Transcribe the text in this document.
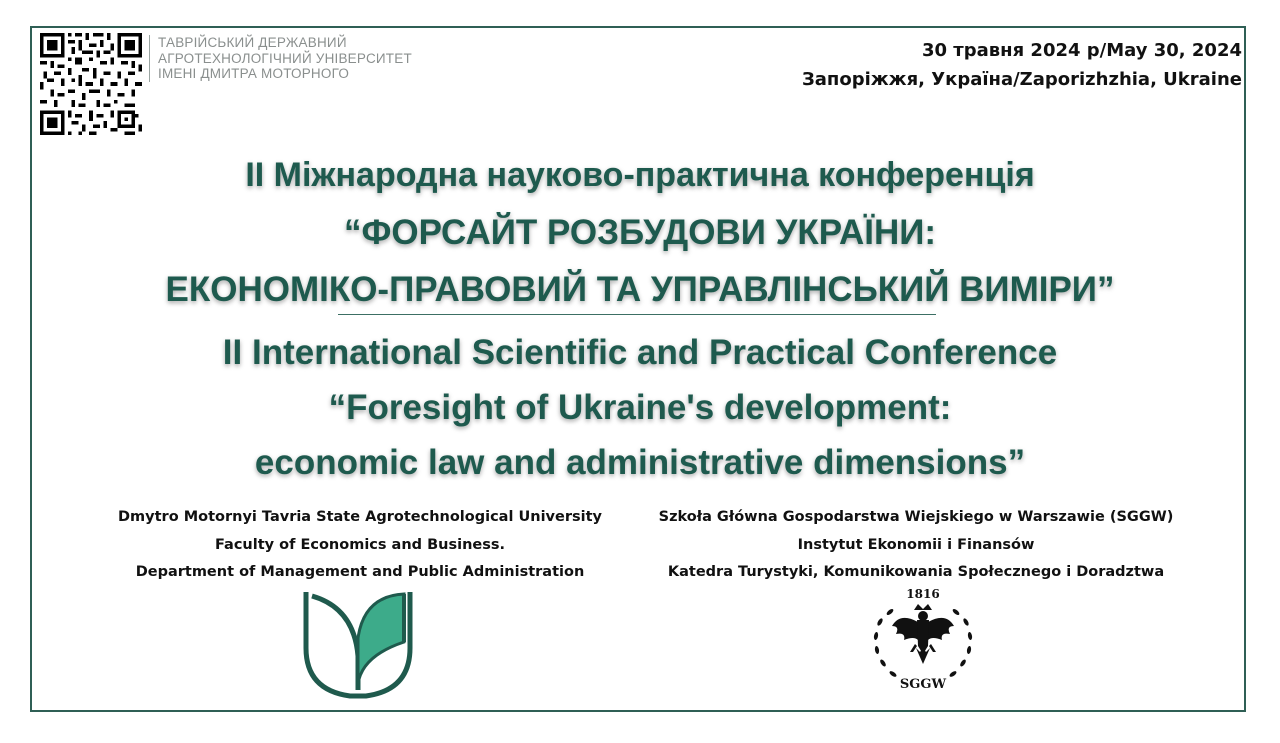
ТАВРІЙСЬКИЙ ДЕРЖАВНИЙ
АГРОТЕХНОЛОГІЧНИЙ УНІВЕРСИТЕТ
ІМЕНІ ДМИТРА МОТОРНОГО
30 травня 2024 р/May 30, 2024
Запоріжжя, Україна/Zaporizhzhia, Ukraine
ІІ Міжнародна науково-практична конференція
“ФОРСАЙТ РОЗБУДОВИ УКРАЇНИ:
ЕКОНОМІКО-ПРАВОВИЙ ТА УПРАВЛІНСЬКИЙ ВИМІРИ”
II International Scientific and Practical Conference
“Foresight of Ukraine's development:
economic law and administrative dimensions”
Dmytro Motornyi Tavria State Agrotechnological University
Faculty of Economics and Business.
Department of Management and Public Administration
Szkoła Główna Gospodarstwa Wiejskiego w Warszawie (SGGW)
Instytut Ekonomii i Finansów
Katedra Turystyki, Komunikowania Społecznego i Doradztwa
1816
SGGW
